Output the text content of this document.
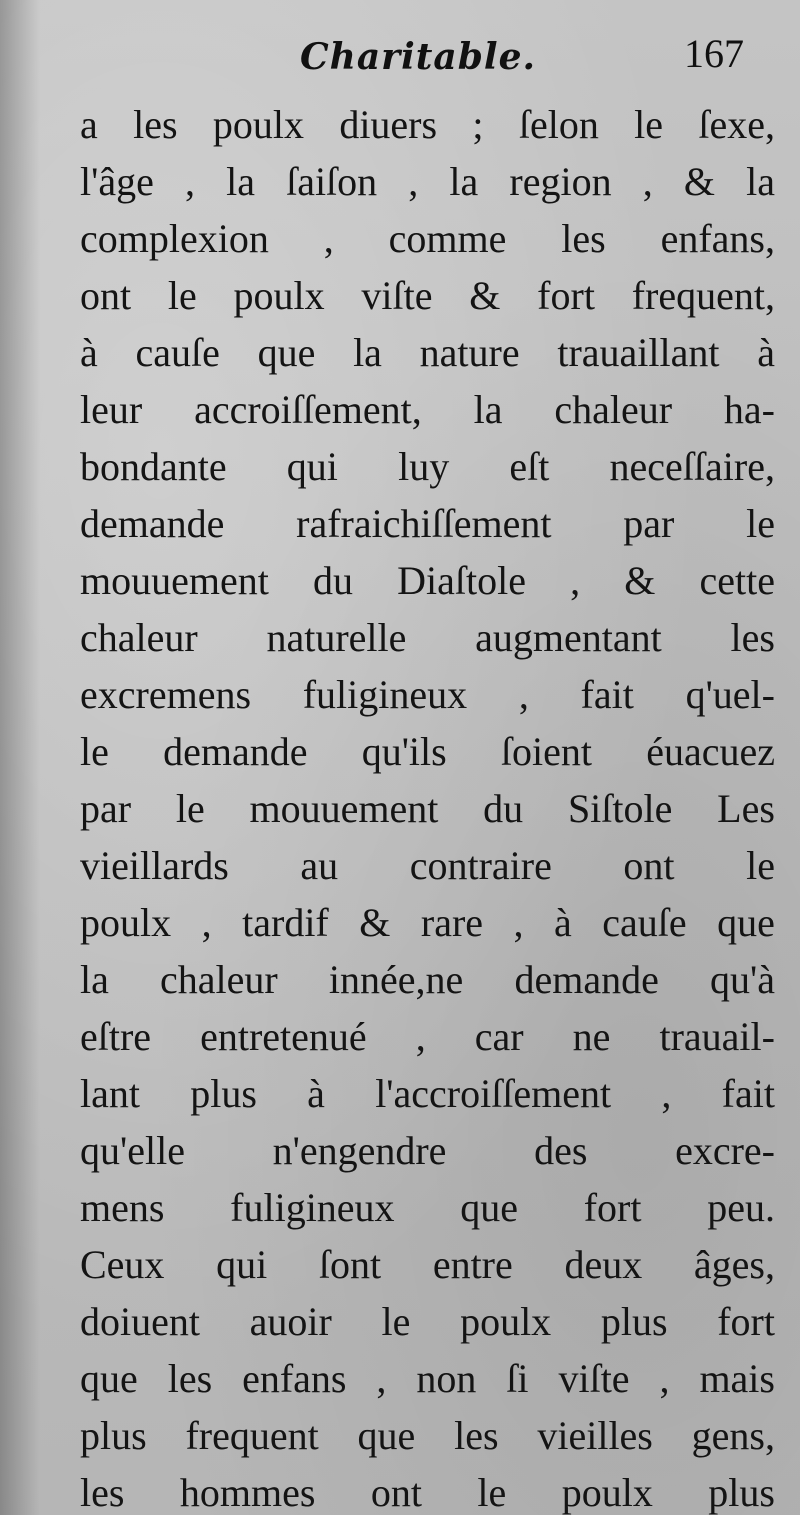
Charitable.	167
a les poulx diuers ; ſelon le ſexe,
l'âge , la ſaiſon , la region , & la
complexion , comme les enfans,
ont le poulx viſte & fort frequent,
à cauſe que la nature trauaillant à
leur accroiſſement, la chaleur ha-
bondante qui luy eſt neceſſaire,
demande rafraichiſſement par le
mouuement du Diaſtole , & cette
chaleur naturelle augmentant les
excremens fuligineux , fait q'uel-
le demande qu'ils ſoient éuacuez
par le mouuement du Siſtole Les
vieillards au contraire ont le
poulx , tardif & rare , à cauſe que
la chaleur innée,ne demande qu'à
eſtre entretenué , car ne trauail-
lant plus à l'accroiſſement , fait
qu'elle n'engendre des excre-
mens fuligineux que fort peu.
Ceux qui ſont entre deux âges,
doiuent auoir le poulx plus fort
que les enfans , non ſi viſte , mais
plus frequent que les vieilles gens,
les hommes ont le poulx plus
